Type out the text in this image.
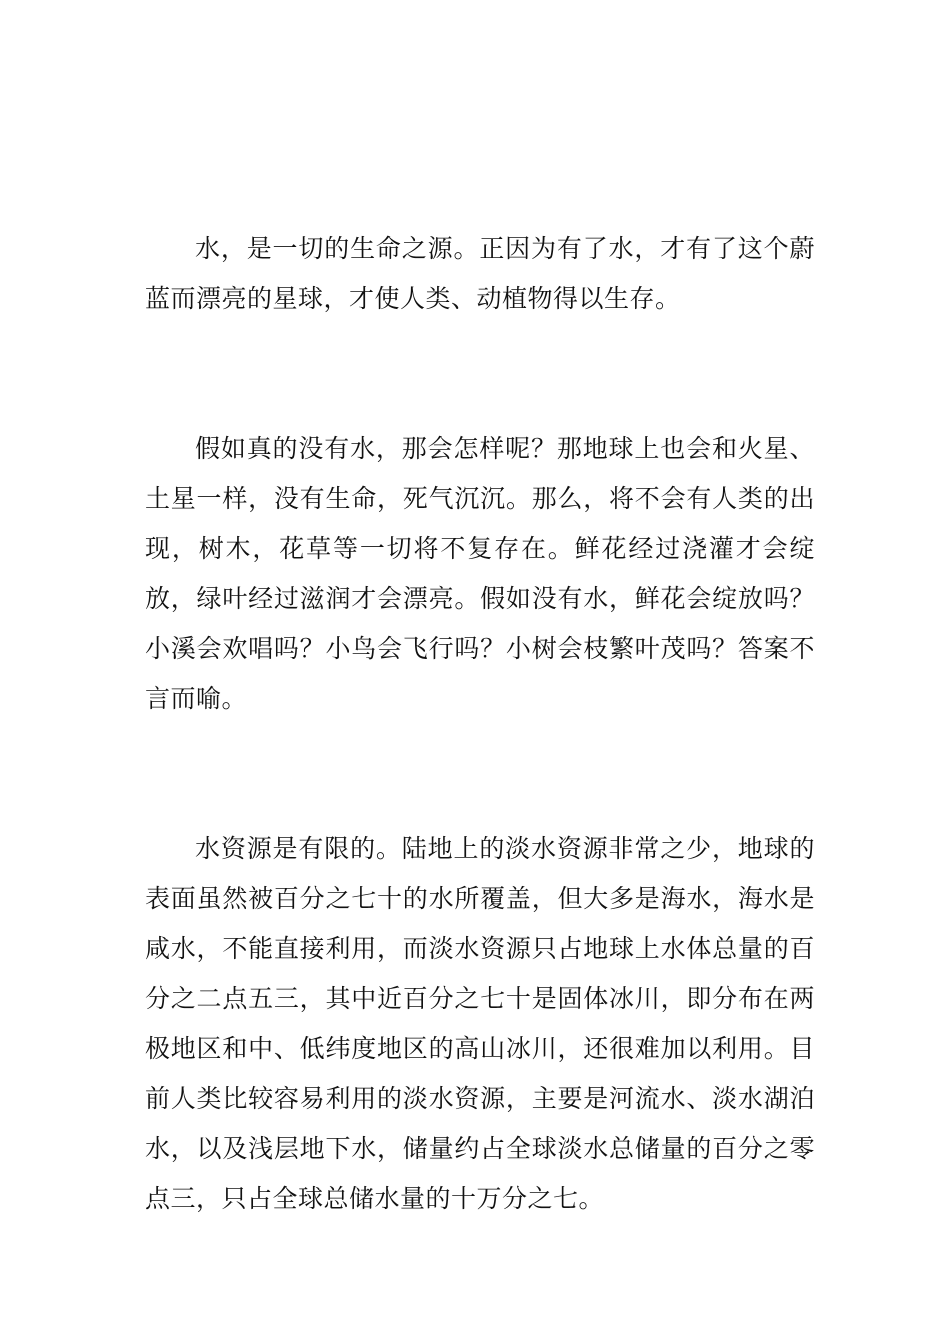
水，是一切的生命之源。正因为有了水，才有了这个蔚蓝而漂亮的星球，才使人类、动植物得以生存。

假如真的没有水，那会怎样呢？那地球上也会和火星、土星一样，没有生命，死气沉沉。那么，将不会有人类的出现，树木，花草等一切将不复存在。鲜花经过浇灌才会绽放，绿叶经过滋润才会漂亮。假如没有水，鲜花会绽放吗？小溪会欢唱吗？小鸟会飞行吗？小树会枝繁叶茂吗？答案不言而喻。

水资源是有限的。陆地上的淡水资源非常之少，地球的表面虽然被百分之七十的水所覆盖，但大多是海水，海水是咸水，不能直接利用，而淡水资源只占地球上水体总量的百分之二点五三，其中近百分之七十是固体冰川，即分布在两极地区和中、低纬度地区的高山冰川，还很难加以利用。目前人类比较容易利用的淡水资源，主要是河流水、淡水湖泊水，以及浅层地下水，储量约占全球淡水总储量的百分之零点三，只占全球总储水量的十万分之七。
